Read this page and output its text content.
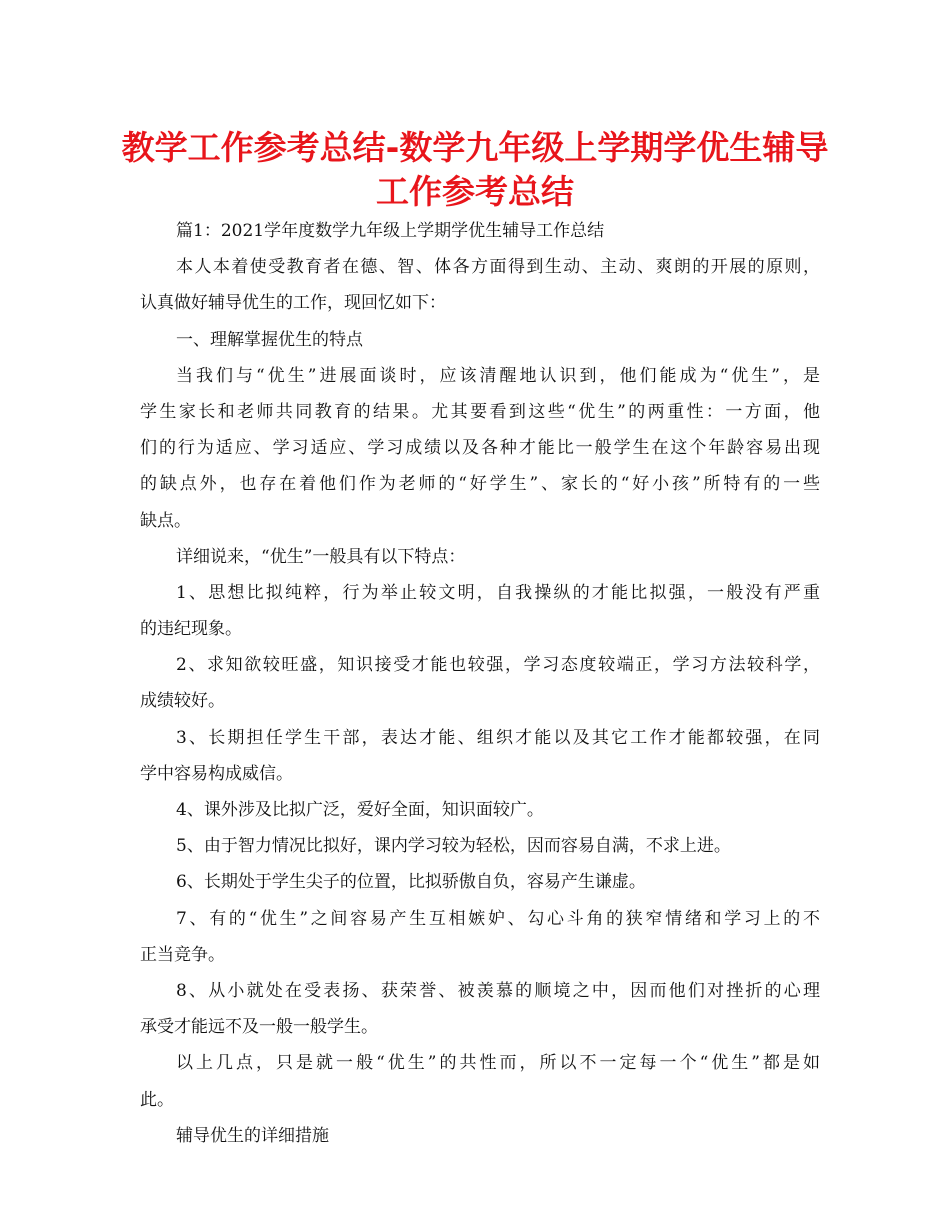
教学工作参考总结-数学九年级上学期学优生辅导
工作参考总结
篇1：2021学年度数学九年级上学期学优生辅导工作总结
本人本着使受教育者在德、智、体各方面得到生动、主动、爽朗的开展的原则，
认真做好辅导优生的工作，现回忆如下：
一、理解掌握优生的特点
当我们与“优生”进展面谈时，应该清醒地认识到，他们能成为“优生”，是
学生家长和老师共同教育的结果。尤其要看到这些“优生”的两重性：一方面，他
们的行为适应、学习适应、学习成绩以及各种才能比一般学生在这个年龄容易出现
的缺点外，也存在着他们作为老师的“好学生”、家长的“好小孩”所特有的一些
缺点。
详细说来，“优生”一般具有以下特点：
1、思想比拟纯粹，行为举止较文明，自我操纵的才能比拟强，一般没有严重
的违纪现象。
2、求知欲较旺盛，知识接受才能也较强，学习态度较端正，学习方法较科学，
成绩较好。
3、长期担任学生干部，表达才能、组织才能以及其它工作才能都较强，在同
学中容易构成威信。
4、课外涉及比拟广泛，爱好全面，知识面较广。
5、由于智力情况比拟好，课内学习较为轻松，因而容易自满，不求上进。
6、长期处于学生尖子的位置，比拟骄傲自负，容易产生谦虚。
7、有的“优生”之间容易产生互相嫉妒、勾心斗角的狭窄情绪和学习上的不
正当竞争。
8、从小就处在受表扬、获荣誉、被羡慕的顺境之中，因而他们对挫折的心理
承受才能远不及一般一般学生。
以上几点，只是就一般“优生”的共性而，所以不一定每一个“优生”都是如
此。
辅导优生的详细措施
